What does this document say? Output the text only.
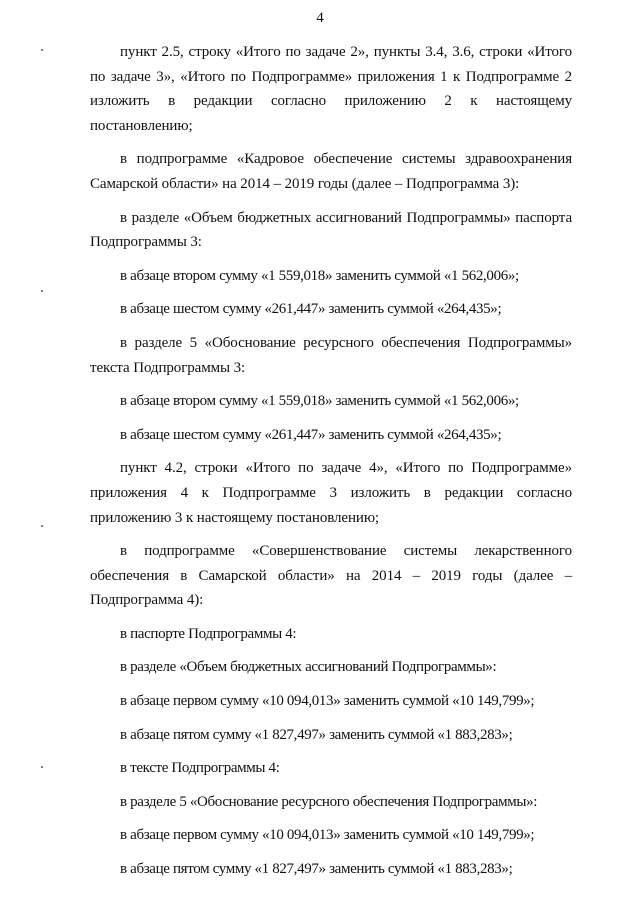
4

пункт 2.5, строку «Итого по задаче 2», пункты 3.4, 3.6, строки «Итого по задаче 3», «Итого по Подпрограмме» приложения 1 к Подпрограмме 2 изложить в редакции согласно приложению 2 к настоящему постановлению;

в подпрограмме «Кадровое обеспечение системы здравоохранения Самарской области» на 2014 – 2019 годы (далее – Подпрограмма 3):

в разделе «Объем бюджетных ассигнований Подпрограммы» паспорта Подпрограммы 3:

в абзаце втором сумму «1 559,018» заменить суммой «1 562,006»;

в абзаце шестом сумму «261,447» заменить суммой «264,435»;

в разделе 5 «Обоснование ресурсного обеспечения Подпрограммы» текста Подпрограммы 3:

в абзаце втором сумму «1 559,018» заменить суммой «1 562,006»;

в абзаце шестом сумму «261,447» заменить суммой «264,435»;

пункт 4.2, строки «Итого по задаче 4», «Итого по Подпрограмме» приложения 4 к Подпрограмме 3 изложить в редакции согласно приложению 3 к настоящему постановлению;

в подпрограмме «Совершенствование системы лекарственного обеспечения в Самарской области» на 2014 – 2019 годы (далее – Подпрограмма 4):

в паспорте Подпрограммы 4:

в разделе «Объем бюджетных ассигнований Подпрограммы»:

в абзаце первом сумму «10 094,013» заменить суммой «10 149,799»;

в абзаце пятом сумму «1 827,497» заменить суммой «1 883,283»;

в тексте Подпрограммы 4:

в разделе 5 «Обоснование ресурсного обеспечения Подпрограммы»:

в абзаце первом сумму «10 094,013» заменить суммой «10 149,799»;

в абзаце пятом сумму «1 827,497» заменить суммой «1 883,283»;
